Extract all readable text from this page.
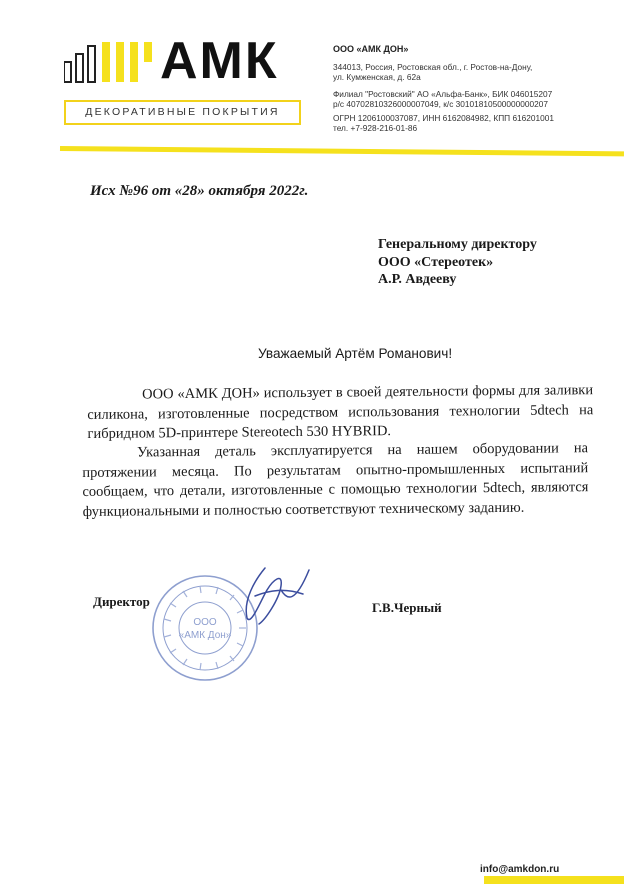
АМК
ДЕКОРАТИВНЫЕ ПОКРЫТИЯ
ООО «АМК ДОН»
344013, Россия, Ростовская обл., г. Ростов-на-Дону,
ул. Кумженская, д. 62а
Филиал "Ростовский" АО «Альфа-Банк», БИК 046015207
р/с 40702810326000007049, к/с 30101810500000000207
ОГРН 1206100037087, ИНН 6162084982, КПП 616201001
тел. +7-928-216-01-86
Исх №96 от «28» октября 2022г.
Генеральному директору
ООО «Стереотек»
А.Р. Авдееву
Уважаемый Артём Романович!
ООО «АМК ДОН» использует в своей деятельности формы для заливки силикона, изготовленные посредством использования технологии 5dtech на гибридном 5D-принтере Stereotech 530 HYBRID.
Указанная деталь эксплуатируется на нашем оборудовании на протяжении месяца. По результатам опытно-промышленных испытаний сообщаем, что детали, изготовленные с помощью технологии 5dtech, являются функциональными и полностью соответствуют техническому заданию.
ООО
«АМК Дон»
Директор	Г.В.Черный
info@amkdon.ru
